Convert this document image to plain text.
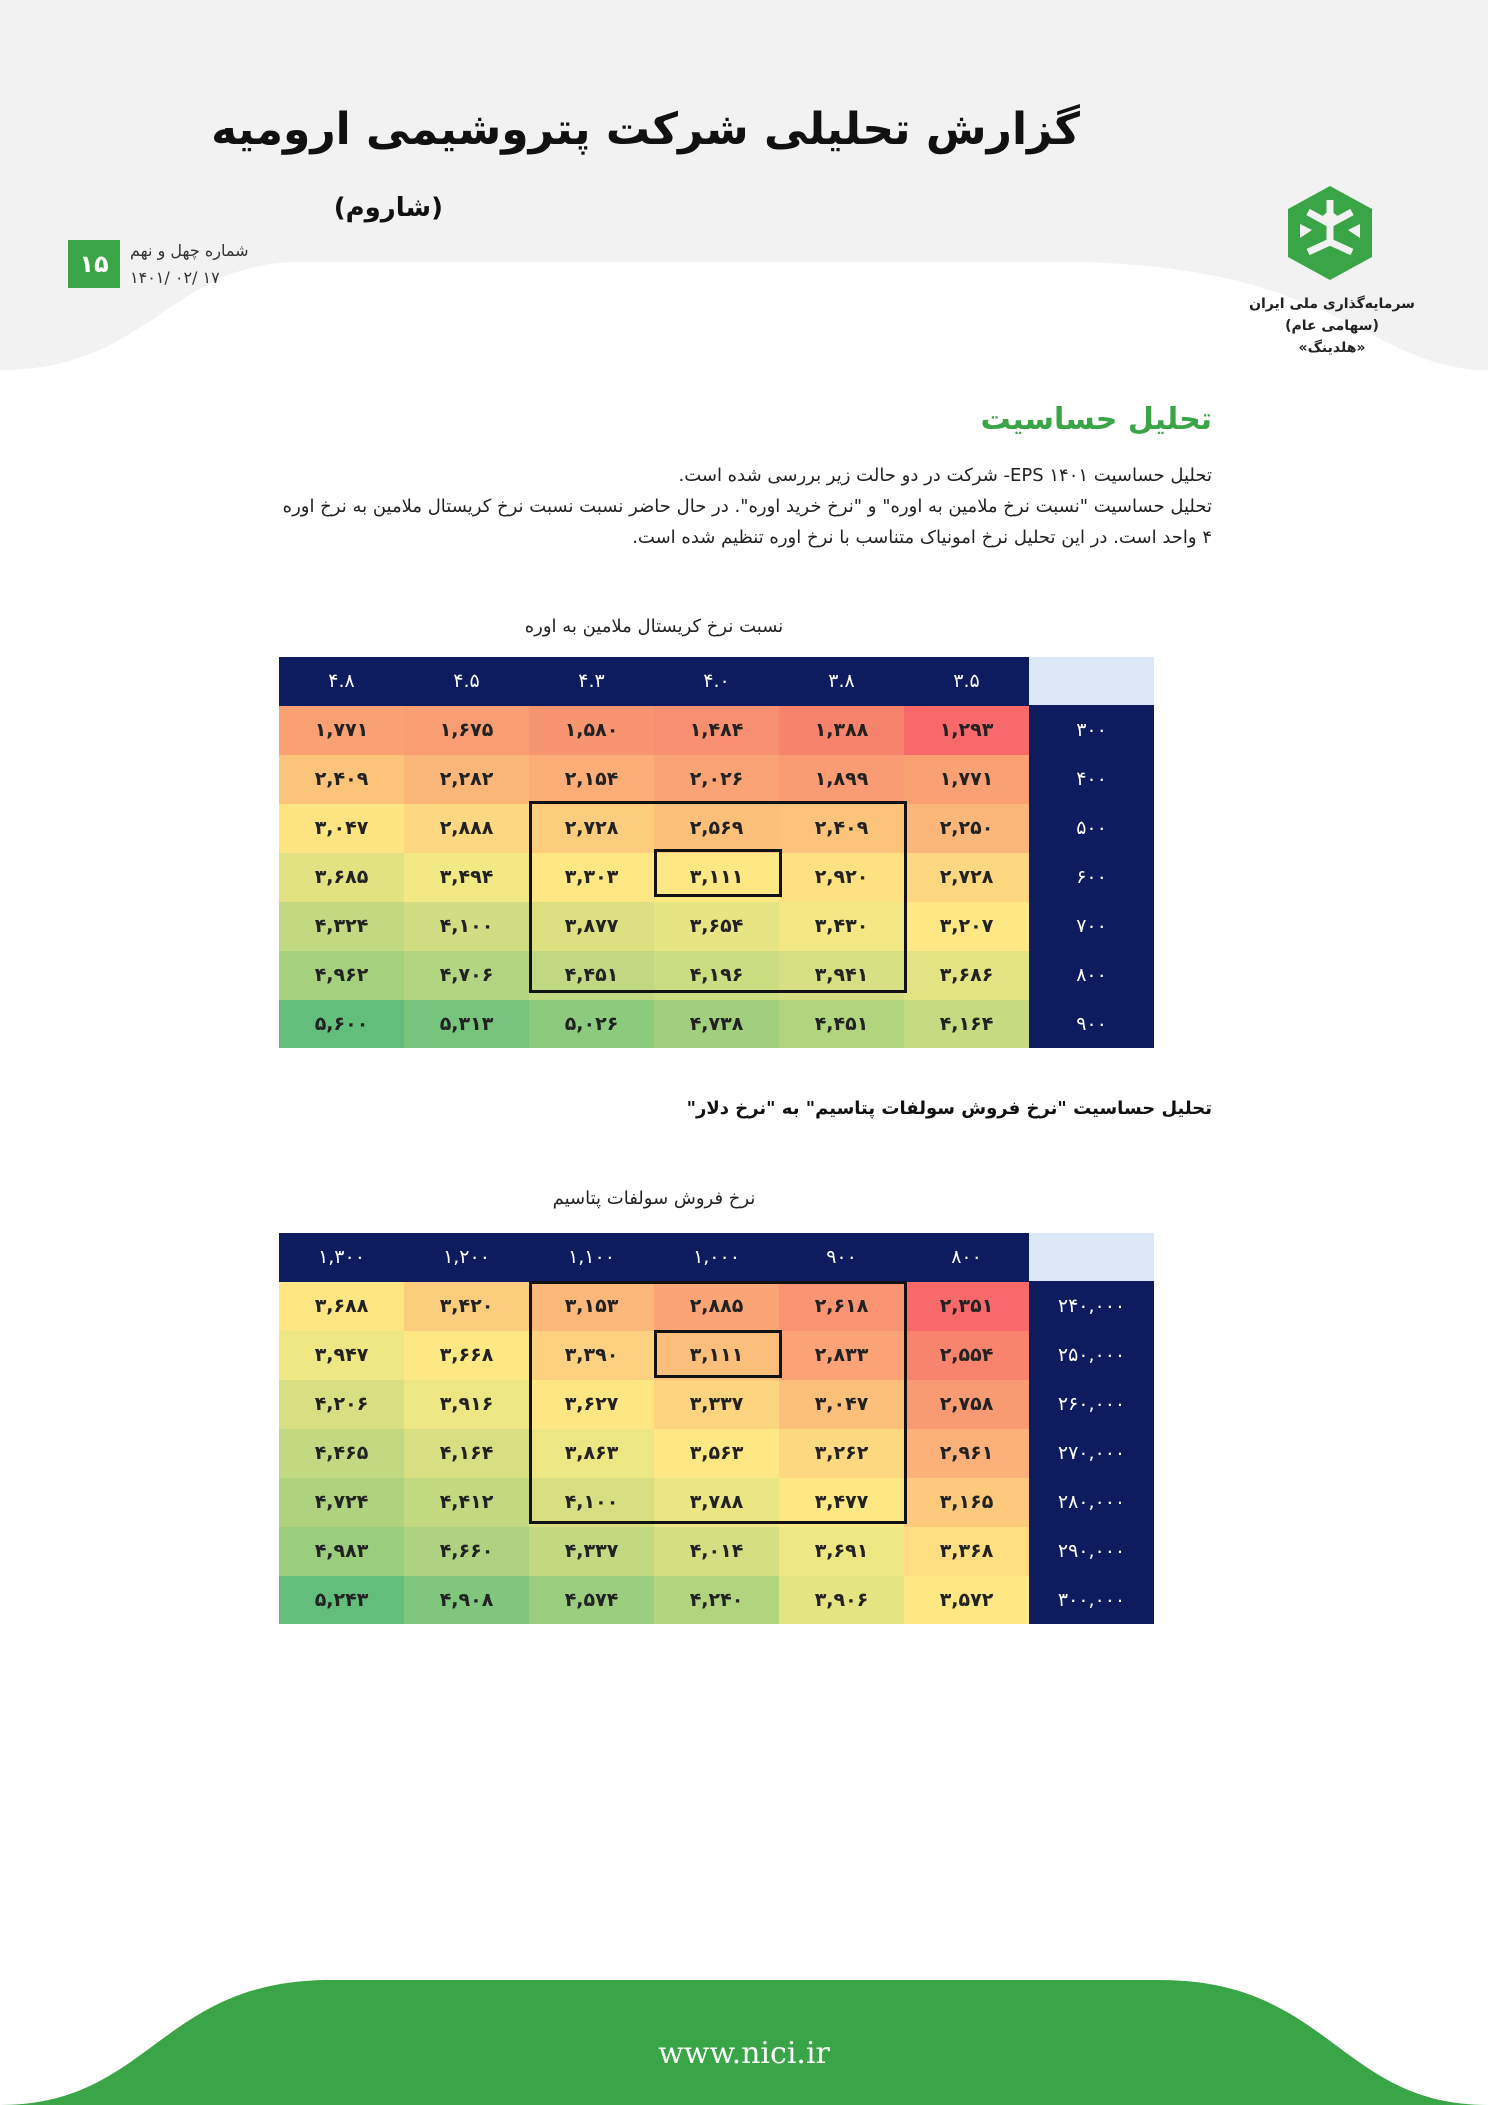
گزارش تحلیلی شرکت پتروشیمی ارومیه
(شاروم)
سرمایه‌گذاری ملی ایران (سهامی عام)
«هلدینگ»
۱۵	شماره چهل و نهم
۱۴۰۱/ ۰۲/ ۱۷
تحلیل حساسیت

تحلیل حساسیت EPS ۱۴۰۱- شرکت در دو حالت زیر بررسی شده است.

تحلیل حساسیت "نسبت نرخ ملامین به اوره" و "نرخ خرید اوره". در حال حاضر نسبت نسبت نرخ کریستال ملامین به نرخ اوره ۴ واحد است. در این تحلیل نرخ امونیاک متناسب با نرخ اوره تنظیم شده است.

نسبت نرخ کریستال ملامین به اوره
۴.۸	۴.۵	۴.۳	۴.۰	۳.۸	۳.۵	
۱,۷۷۱	۱,۶۷۵	۱,۵۸۰	۱,۴۸۴	۱,۳۸۸	۱,۲۹۳	۳۰۰
۲,۴۰۹	۲,۲۸۲	۲,۱۵۴	۲,۰۲۶	۱,۸۹۹	۱,۷۷۱	۴۰۰
۳,۰۴۷	۲,۸۸۸	۲,۷۲۸	۲,۵۶۹	۲,۴۰۹	۲,۲۵۰	۵۰۰
۳,۶۸۵	۳,۴۹۴	۳,۳۰۳	۳,۱۱۱	۲,۹۲۰	۲,۷۲۸	۶۰۰
۴,۳۲۴	۴,۱۰۰	۳,۸۷۷	۳,۶۵۴	۳,۴۳۰	۳,۲۰۷	۷۰۰
۴,۹۶۲	۴,۷۰۶	۴,۴۵۱	۴,۱۹۶	۳,۹۴۱	۳,۶۸۶	۸۰۰
۵,۶۰۰	۵,۳۱۳	۵,۰۲۶	۴,۷۳۸	۴,۴۵۱	۴,۱۶۴	۹۰۰
تحلیل حساسیت "نرخ فروش سولفات پتاسیم" به "نرخ دلار"
نرخ فروش سولفات پتاسیم
۱,۳۰۰	۱,۲۰۰	۱,۱۰۰	۱,۰۰۰	۹۰۰	۸۰۰	
۳,۶۸۸	۳,۴۲۰	۳,۱۵۳	۲,۸۸۵	۲,۶۱۸	۲,۳۵۱	۲۴۰,۰۰۰
۳,۹۴۷	۳,۶۶۸	۳,۳۹۰	۳,۱۱۱	۲,۸۳۳	۲,۵۵۴	۲۵۰,۰۰۰
۴,۲۰۶	۳,۹۱۶	۳,۶۲۷	۳,۳۳۷	۳,۰۴۷	۲,۷۵۸	۲۶۰,۰۰۰
۴,۴۶۵	۴,۱۶۴	۳,۸۶۳	۳,۵۶۳	۳,۲۶۲	۲,۹۶۱	۲۷۰,۰۰۰
۴,۷۲۴	۴,۴۱۲	۴,۱۰۰	۳,۷۸۸	۳,۴۷۷	۳,۱۶۵	۲۸۰,۰۰۰
۴,۹۸۳	۴,۶۶۰	۴,۳۳۷	۴,۰۱۴	۳,۶۹۱	۳,۳۶۸	۲۹۰,۰۰۰
۵,۲۴۳	۴,۹۰۸	۴,۵۷۴	۴,۲۴۰	۳,۹۰۶	۳,۵۷۲	۳۰۰,۰۰۰
www.nici.ir
